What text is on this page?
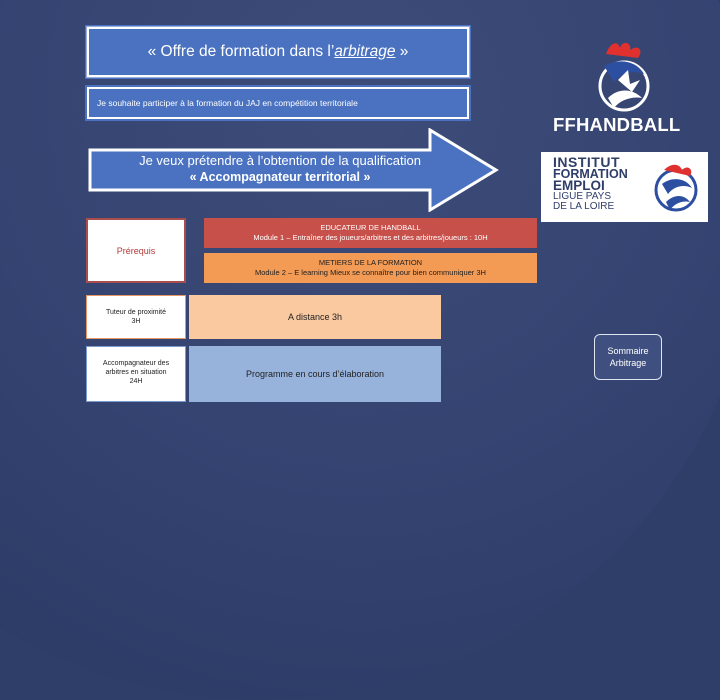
« Offre de formation dans l’arbitrage »
Je souhaite participer à la formation du JAJ en compétition territoriale
Je veux prétendre à l’obtention de la qualification
« Accompagnateur territorial »
Prérequis
EDUCATEUR DE HANDBALL
Module 1 – Entraîner des joueurs/arbitres et des arbitres/joueurs : 10H
METIERS DE LA FORMATION
Module 2 – E learning Mieux se connaître pour bien communiquer 3H
Tuteur de proximité
3H
Accompagnateur des
arbitres en situation
24H
A distance 3h
Programme en cours d’élaboration
FFHANDBALL
INSTITUT
FORMATION
EMPLOI
LIGUE PAYS
DE LA LOIRE
Sommaire
Arbitrage
